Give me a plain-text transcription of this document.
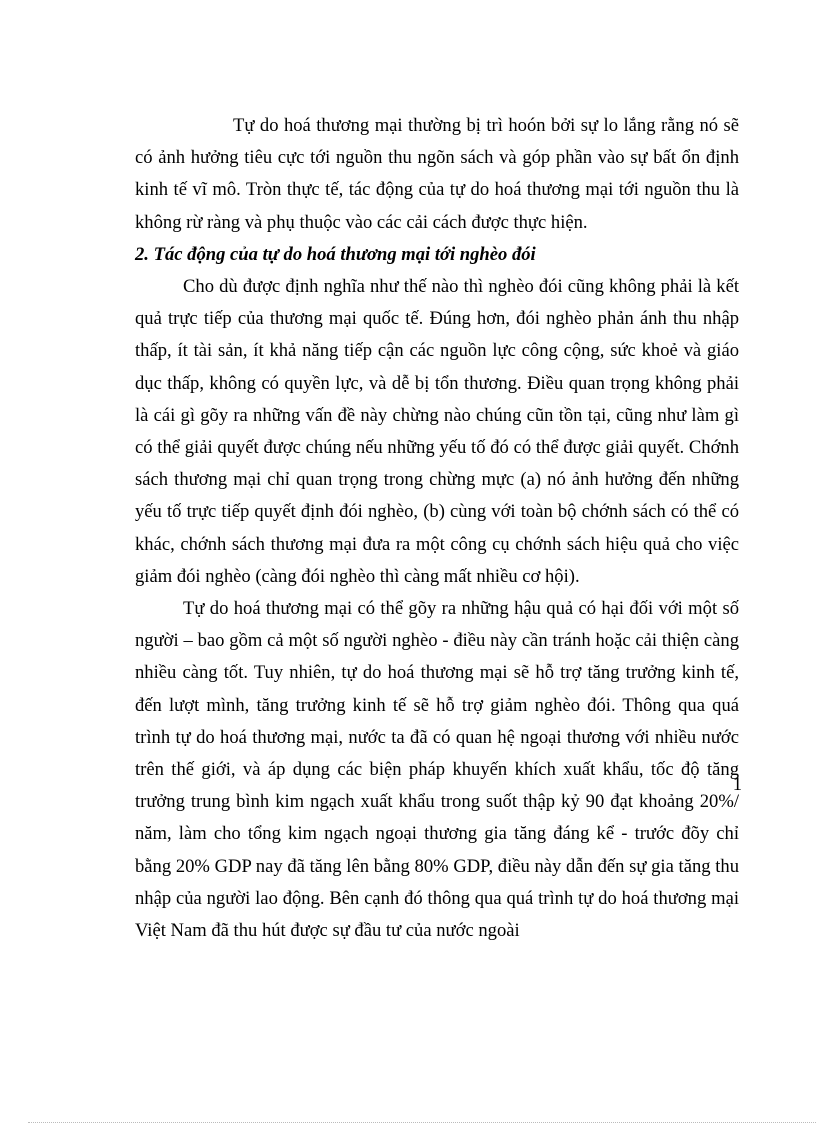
Tự do hoá thương mại thường bị trì hoón bởi sự lo lắng rằng nó sẽ có ảnh hưởng tiêu cực tới nguồn thu ngõn sách và góp phần vào sự bất ổn định kinh tế vĩ mô. Tròn thực tế, tác động của tự do hoá thương mại tới nguồn thu là không rừ ràng và phụ thuộc vào các cải cách được thực hiện.

2. Tác động của tự do hoá thương mại tới nghèo đói

Cho dù được định nghĩa như thế nào thì nghèo đói cũng không phải là kết quả trực tiếp của thương mại quốc tế. Đúng hơn, đói nghèo phản ánh thu nhập thấp, ít tài sản, ít khả năng tiếp cận các nguồn lực công cộng, sức khoẻ và giáo dục thấp, không có quyền lực, và dễ bị tổn thương. Điều quan trọng không phải là cái gì gõy ra những vấn đề này chừng nào chúng cũn tồn tại, cũng như làm gì có thể giải quyết được chúng nếu những yếu tố đó có thể được giải quyết. Chớnh sách thương mại chỉ quan trọng trong chừng mực (a) nó ảnh hưởng đến những yếu tố trực tiếp quyết định đói nghèo, (b) cùng với toàn bộ chớnh sách có thể có khác, chớnh sách thương mại đưa ra một công cụ chớnh sách hiệu quả cho việc giảm đói nghèo (càng đói nghèo thì càng mất nhiều cơ hội).

Tự do hoá thương mại có thể gõy ra những hậu quả có hại đối với một số người – bao gồm cả một số người nghèo - điều này cần tránh hoặc cải thiện càng nhiều càng tốt. Tuy nhiên, tự do hoá thương mại sẽ hỗ trợ tăng trưởng kinh tế, đến lượt mình, tăng trưởng kinh tế sẽ hỗ trợ giảm nghèo đói. Thông qua quá trình tự do hoá thương mại, nước ta đã có quan hệ ngoại thương với nhiều nước trên thế giới, và áp dụng các biện pháp khuyến khích xuất khẩu, tốc độ tăng trưởng trung bình kim ngạch xuất khẩu trong suốt thập kỷ 90 đạt khoảng 20%/ năm, làm cho tổng kim ngạch ngoại thương gia tăng đáng kể - trước đõy chỉ bằng 20% GDP nay đã tăng lên bằng 80% GDP, điều này dẫn đến sự gia tăng thu nhập của người lao động. Bên cạnh đó thông qua quá trình tự do hoá thương mại Việt Nam đã thu hút được sự đầu tư của nước ngoài

1
